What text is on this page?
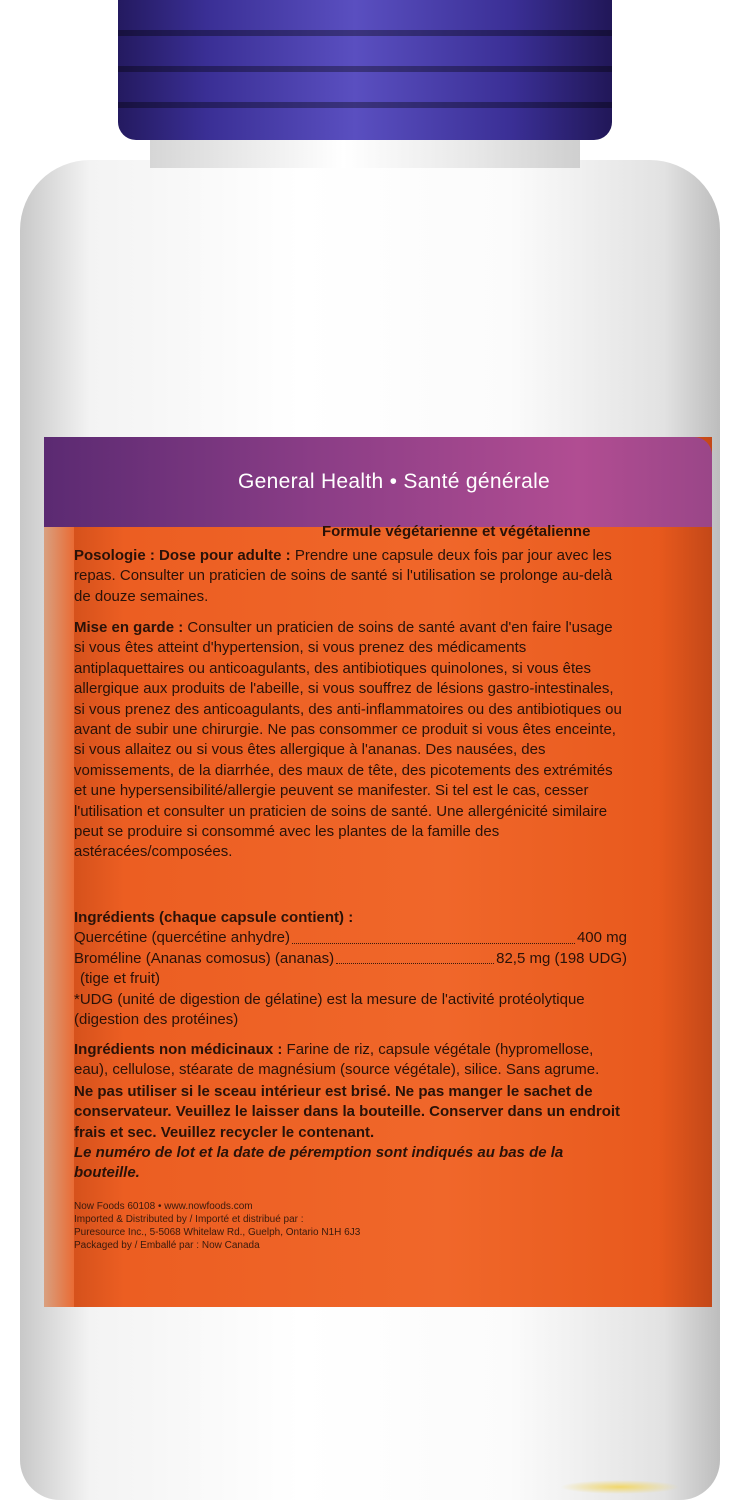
General Health • Santé générale
Formule végétarienne et végétalienne
Posologie : Dose pour adulte : Prendre une capsule deux fois par jour avec les repas. Consulter un praticien de soins de santé si l'utilisation se prolonge au-delà de douze semaines.
Mise en garde : Consulter un praticien de soins de santé avant d'en faire l'usage si vous êtes atteint d'hypertension, si vous prenez des médicaments antiplaquettaires ou anticoagulants, des antibiotiques quinolones, si vous êtes allergique aux produits de l'abeille, si vous souffrez de lésions gastro-intestinales, si vous prenez des anticoagulants, des anti-inflammatoires ou des antibiotiques ou avant de subir une chirurgie. Ne pas consommer ce produit si vous êtes enceinte, si vous allaitez ou si vous êtes allergique à l'ananas. Des nausées, des vomissements, de la diarrhée, des maux de tête, des picotements des extrémités et une hypersensibilité/allergie peuvent se manifester. Si tel est le cas, cesser l'utilisation et consulter un praticien de soins de santé. Une allergénicité similaire peut se produire si consommé avec les plantes de la famille des astéracées/composées.
Ingrédients (chaque capsule contient) :
Quercétine (quercétine anhydre)	400 mg
Broméline (Ananas comosus) (ananas)	82,5 mg (198 UDG)
(tige et fruit)
*UDG (unité de digestion de gélatine) est la mesure de l'activité protéolytique (digestion des protéines)
Ingrédients non médicinaux : Farine de riz, capsule végétale (hypromellose, eau), cellulose, stéarate de magnésium (source végétale), silice. Sans agrume.
Ne pas utiliser si le sceau intérieur est brisé. Ne pas manger le sachet de conservateur. Veuillez le laisser dans la bouteille. Conserver dans un endroit frais et sec. Veuillez recycler le contenant.
Le numéro de lot et la date de péremption sont indiqués au bas de la bouteille.
Now Foods 60108 • www.nowfoods.com
Imported & Distributed by / Importé et distribué par :
Puresource Inc., 5-5068 Whitelaw Rd., Guelph, Ontario N1H 6J3
Packaged by / Emballé par : Now Canada
